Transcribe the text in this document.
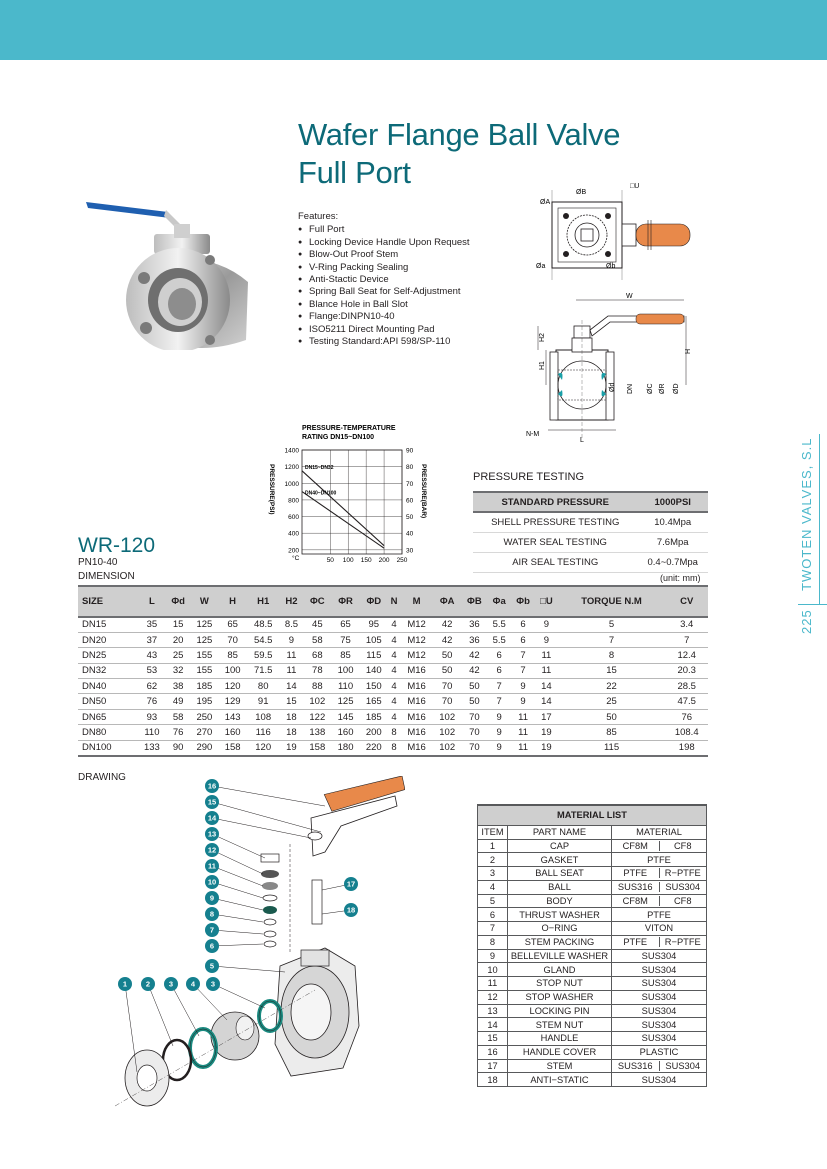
Wafer Flange Ball Valve
Full Port
Features:
● Full Port
● Locking Device Handle Upon Request
● Blow-Out Proof Stem
● V-Ring Packing Sealing
● Anti-Stactic Device
● Spring Ball Seat for Self-Adjustment
● Blance Hole in Ball Slot
● Flange:DINPN10-40
● ISO5211 Direct Mounting Pad
● Testing Standard:API 598/SP-110
ØA
ØB
□U
Øa	Øb
W
H2
H1
H
Ød DN ØC ØR ØD
N-M
L
PRESSURE-TEMPERATURE
RATING DN15~DN100
PRESSURE(PSI)	PRESSURE(BAR)
°C	50 100 150 200 250
200	30
400	40
600	50
800	60
1000	70
1200	80
1400	90
DN15~DN32
DN40~DN100
PRESSURE TESTING
STANDARD PRESSURE	1000PSI
SHELL PRESSURE TESTING	10.4Mpa
WATER SEAL TESTING	7.6Mpa
AIR SEAL TESTING	0.4~0.7Mpa
WR-120
PN10-40
DIMENSION	(unit: mm)
SIZE	L	Φd	W	H	H1	H2	ΦC	ΦR	ΦD	N	M	ΦA	ΦB	Φa	Φb	□U	TORQUE N.M	CV
DN15	35	15	125	65	48.5	8.5	45	65	95	4	M12	42	36	5.5	6	9	5	3.4
DN20	37	20	125	70	54.5	9	58	75	105	4	M12	42	36	5.5	6	9	7	7
DN25	43	25	155	85	59.5	11	68	85	115	4	M12	50	42	6	7	11	8	12.4
DN32	53	32	155	100	71.5	11	78	100	140	4	M16	50	42	6	7	11	15	20.3
DN40	62	38	185	120	80	14	88	110	150	4	M16	70	50	7	9	14	22	28.5
DN50	76	49	195	129	91	15	102	125	165	4	M16	70	50	7	9	14	25	47.5
DN65	93	58	250	143	108	18	122	145	185	4	M16	102	70	9	11	17	50	76
DN80	110	76	270	160	116	18	138	160	200	8	M16	102	70	9	11	19	85	108.4
DN100	133	90	290	158	120	19	158	180	220	8	M16	102	70	9	11	19	115	198
DRAWING
16
15
14
13
12
11
10
9
8
7
6
5
17
18
1	2	3 4 3
MATERIAL LIST		
ITEM	PART NAME	MATERIAL
1	CAP	CF8M CF8

2	GASKET	PTFE
3	BALL SEAT	PTFE R−PTFE

4	BALL	SUS316 SUS304

5	BODY	CF8M CF8

6	THRUST WASHER	PTFE
7	O−RING	VITON
8	STEM PACKING	PTFE R−PTFE

9	BELLEVILLE WASHER	SUS304
10	GLAND	SUS304
11	STOP NUT	SUS304
12	STOP WASHER	SUS304
13	LOCKING PIN	SUS304
14	STEM NUT	SUS304
15	HANDLE	SUS304
16	HANDLE COVER	PLASTIC
17	STEM	SUS316 SUS304

18	ANTI−STATIC	SUS304
225 TWOTEN VALVES, S.L
